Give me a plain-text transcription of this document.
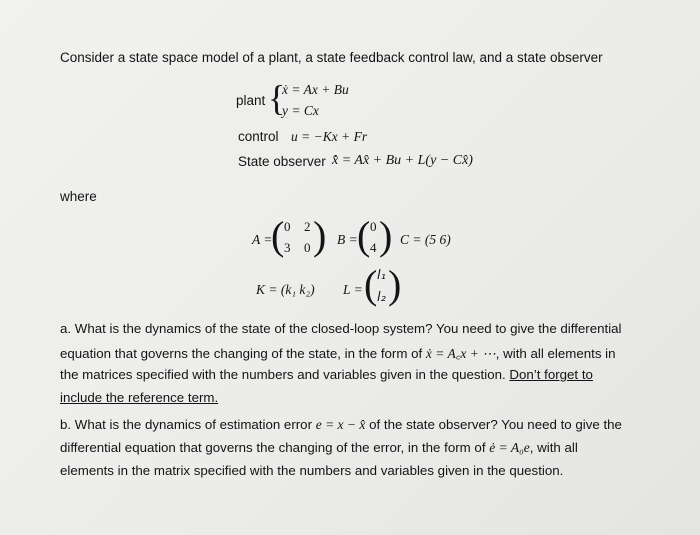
Consider a state space model of a plant, a state feedback control law, and a state observer
plant {
ẋ = Ax + Bu
y = Cx
control u = −Kx + Fr
State observer x̂̇ = Ax̂ + Bu + L(y − Cx̂)
where
A =
( 0 2
3 0 ) B = ( 0
4 ) C = (5 6)
K = (k₁ k₂) L = ( l₁
l₂ )
a. What is the dynamics of the state of the closed-loop system? You need to give the differential
equation that governs the changing of the state, in the form of ẋ = A꜀x + ⋯, with all elements in
the matrices specified with the numbers and variables given in the question. Don’t forget to
include the reference term.
b. What is the dynamics of estimation error e = x − x̂ of the state observer? You need to give the
differential equation that governs the changing of the error, in the form of ė = A₀e, with all
elements in the matrix specified with the numbers and variables given in the question.
